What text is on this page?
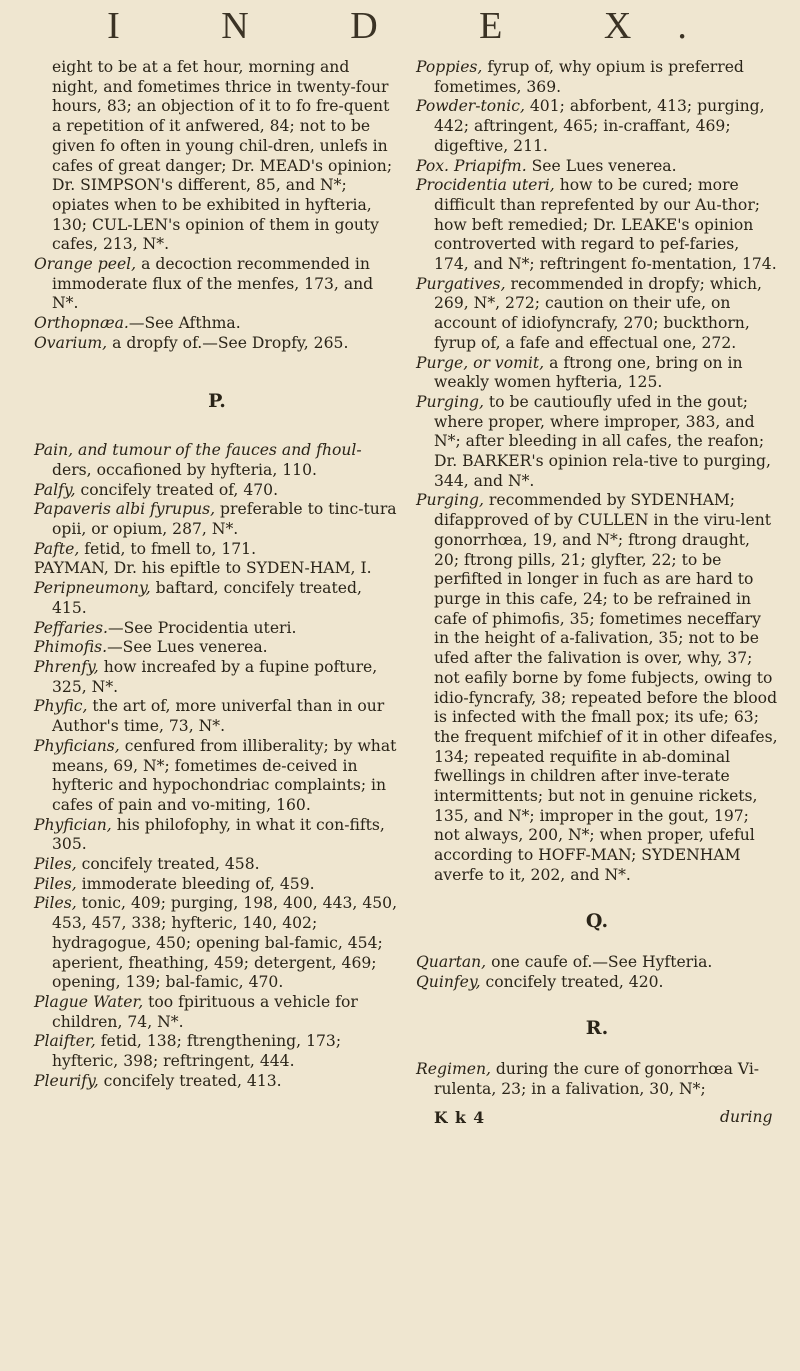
I N D E X.

eight to be at a fet hour, morning and night, and fometimes thrice in twenty-four hours, 83; an objection of it to fo fre-quent a repetition of it anfwered, 84; not to be given fo often in young chil-dren, unlefs in cafes of great danger; Dr. MEAD's opinion; Dr. SIMPSON's different, 85, and N*; opiates when to be exhibited in hyfteria, 130; CUL-LEN's opinion of them in gouty cafes, 213, N*.

Orange peel, a decoction recommended in immoderate flux of the menfes, 173, and N*.

Orthopnæa.—See Afthma.

Ovarium, a dropfy of.—See Dropfy, 265.

P.

Pain, and tumour of the fauces and fhoul-ders, occafioned by hyfteria, 110.

Palfy, concifely treated of, 470.

Papaveris albi fyrupus, preferable to tinc-tura opii, or opium, 287, N*.

Pafte, fetid, to fmell to, 171.

PAYMAN, Dr. his epiftle to SYDEN-HAM, I.

Peripneumony, baftard, concifely treated, 415.

Peffaries.—See Procidentia uteri.

Phimofis.—See Lues venerea.

Phrenfy, how increafed by a fupine pofture, 325, N*.

Phyfic, the art of, more univerfal than in our Author's time, 73, N*.

Phyficians, cenfured from illiberality; by what means, 69, N*; fometimes de-ceived in hyfteric and hypochondriac complaints; in cafes of pain and vo-miting, 160.

Phyfician, his philofophy, in what it con-fifts, 305.

Piles, concifely treated, 458.

Piles, immoderate bleeding of, 459.

Piles, tonic, 409; purging, 198, 400, 443, 450, 453, 457, 338; hyfteric, 140, 402; hydragogue, 450; opening bal-famic, 454; aperient, fheathing, 459; detergent, 469; opening, 139; bal-famic, 470.

Plague Water, too fpirituous a vehicle for children, 74, N*.

Plaifter, fetid, 138; ftrengthening, 173; hyfteric, 398; reftringent, 444.

Pleurify, concifely treated, 413.

Poppies, fyrup of, why opium is preferred fometimes, 369.

Powder-tonic, 401; abforbent, 413; purging, 442; aftringent, 465; in-craffant, 469; digeftive, 211.

Pox. Priapifm. See Lues venerea.

Procidentia uteri, how to be cured; more difficult than reprefented by our Au-thor; how beft remedied; Dr. LEAKE's opinion controverted with regard to pef-faries, 174, and N*; reftringent fo-mentation, 174.

Purgatives, recommended in dropfy; which, 269, N*, 272; caution on their ufe, on account of idiofyncrafy, 270; buckthorn, fyrup of, a fafe and effectual one, 272.

Purge, or vomit, a ftrong one, bring on in weakly women hyfteria, 125.

Purging, to be cautioufly ufed in the gout; where proper, where improper, 383, and N*; after bleeding in all cafes, the reafon; Dr. BARKER's opinion rela-tive to purging, 344, and N*.

Purging, recommended by SYDENHAM; difapproved of by CULLEN in the viru-lent gonorrhœa, 19, and N*; ftrong draught, 20; ftrong pills, 21; glyfter, 22; to be perfifted in longer in fuch as are hard to purge in this cafe, 24; to be refrained in cafe of phimofis, 35; fometimes neceffary in the height of a-falivation, 35; not to be ufed after the falivation is over, why, 37; not eafily borne by fome fubjects, owing to idio-fyncrafy, 38; repeated before the blood is infected with the fmall pox; its ufe; 63; the frequent mifchief of it in other difeafes, 134; repeated requifite in ab-dominal fwellings in children after inve-terate intermittents; but not in genuine rickets, 135, and N*; improper in the gout, 197; not always, 200, N*; when proper, ufeful according to HOFF-MAN; SYDENHAM averfe to it, 202, and N*.

Q.

Quartan, one caufe of.—See Hyfteria.

Quinfey, concifely treated, 420.

R.

Regimen, during the cure of gonorrhœa Vi-rulenta, 23; in a falivation, 30, N*;

K k 4	during
